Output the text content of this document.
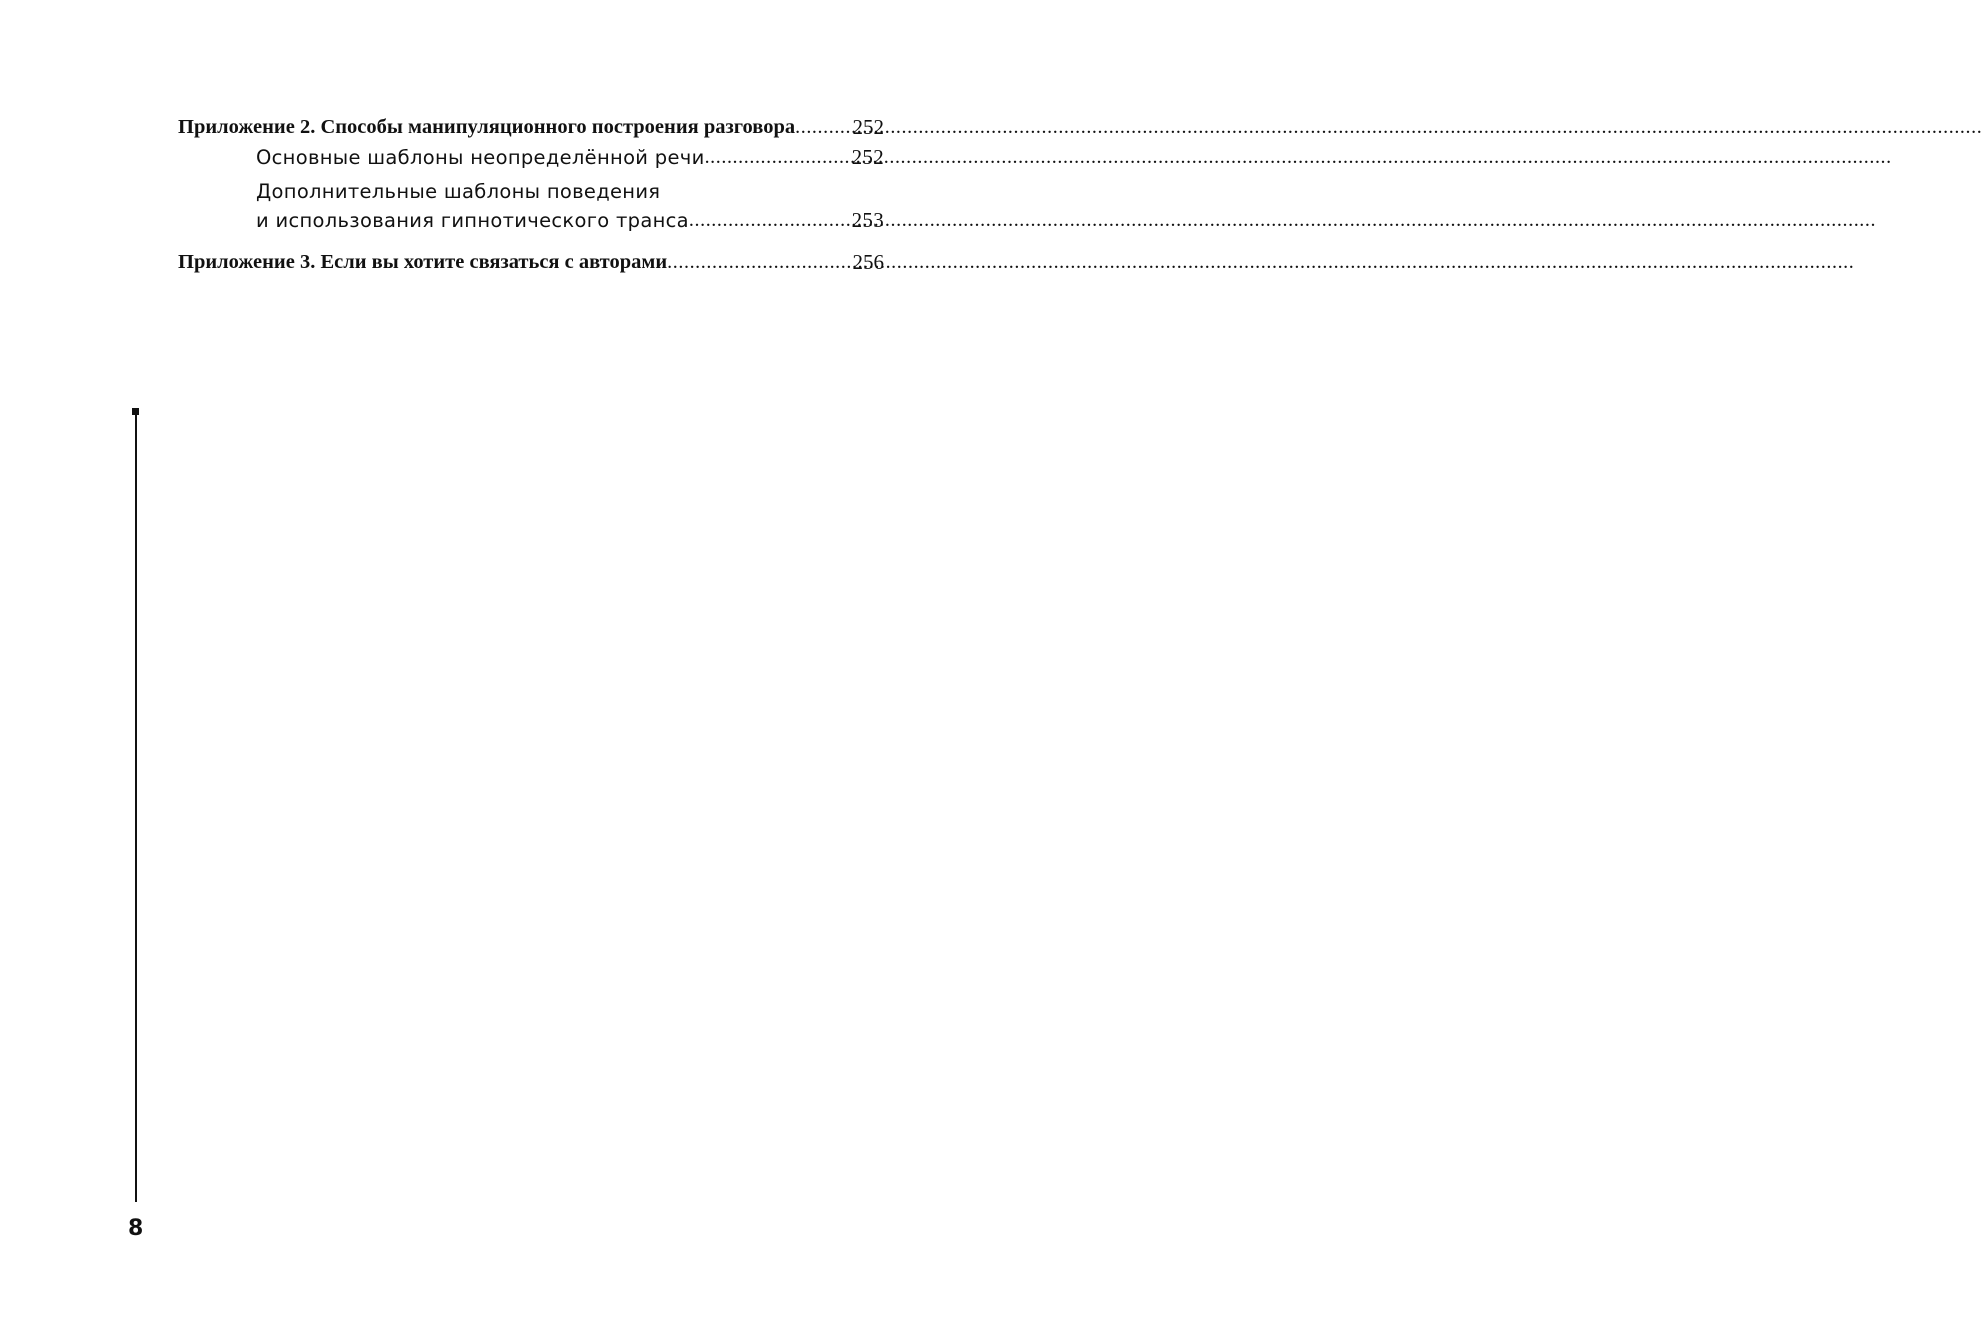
Приложение 2. Способы манипуляционного построения разговора .....	252
Основные шаблоны неопределённой речи .....	252
Дополнительные шаблоны поведения
и использования гипнотического транса .....	253
Приложение 3. Если вы хотите связаться с авторами .....	256
8
